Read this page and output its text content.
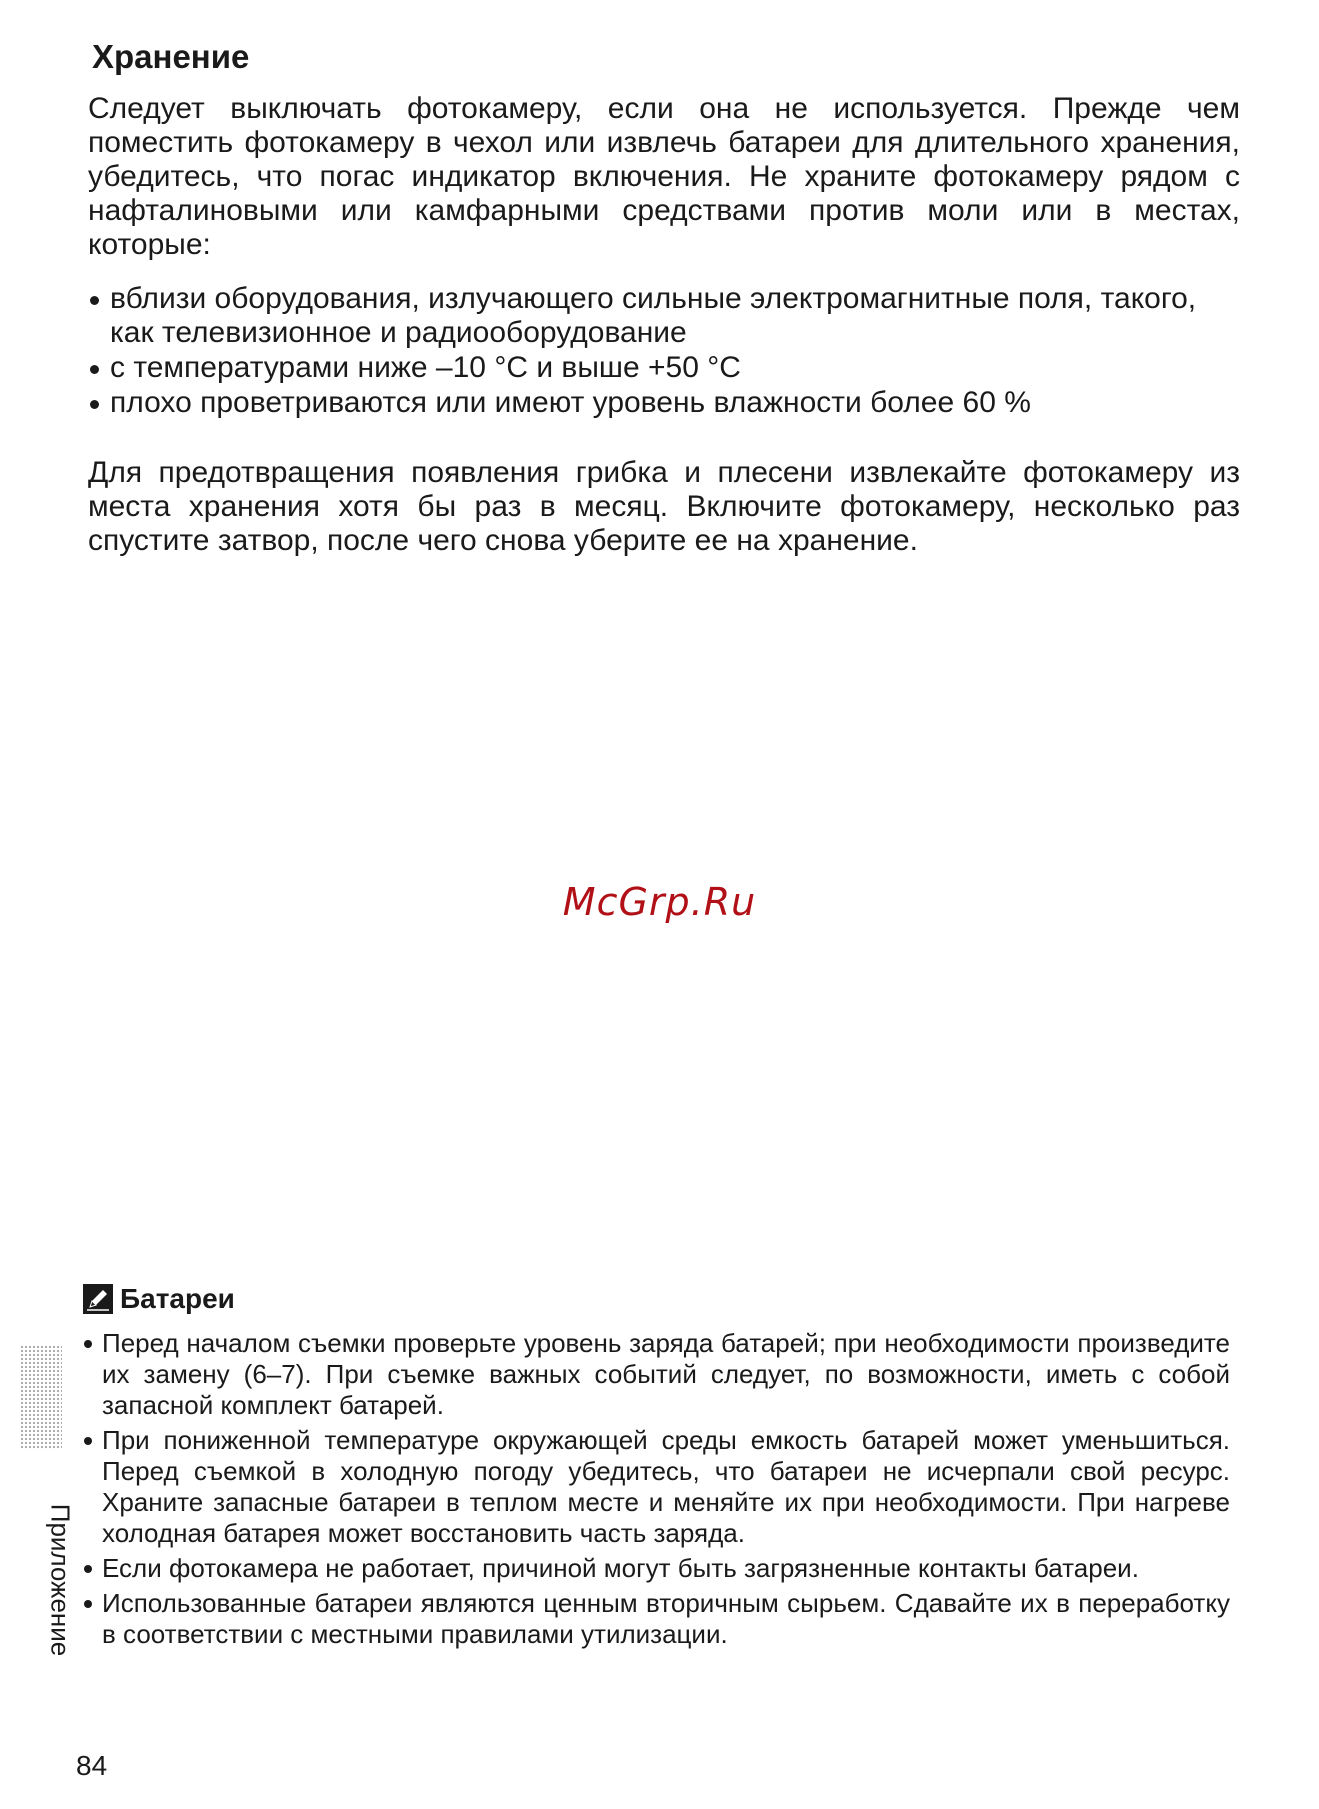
Хранение
Следует выключать фотокамеру, если она не используется. Прежде чем поместить фотокамеру в чехол или извлечь батареи для длительного хранения, убедитесь, что погас индикатор включения. Не храните фотокамеру рядом с нафталиновыми или камфарными средствами против моли или в местах, которые:
вблизи оборудования, излучающего сильные электромагнитные поля, такого, как телевизионное и радиооборудование
с температурами ниже –10 °C и выше +50 °C
плохо проветриваются или имеют уровень влажности более 60 %
Для предотвращения появления грибка и плесени извлекайте фотокамеру из места хранения хотя бы раз в месяц. Включите фотокамеру, несколько раз спустите затвор, после чего снова уберите ее на хранение.
McGrp.Ru
Батареи
Перед началом съемки проверьте уровень заряда батарей; при необходимости произведите их замену (6–7). При съемке важных событий следует, по возможности, иметь с собой запасной комплект батарей.
При пониженной температуре окружающей среды емкость батарей может уменьшиться. Перед съемкой в холодную погоду убедитесь, что батареи не исчерпали свой ресурс. Храните запасные батареи в теплом месте и меняйте их при необходимости. При нагреве холодная батарея может восстановить часть заряда.
Если фотокамера не работает, причиной могут быть загрязненные контакты батареи.
Использованные батареи являются ценным вторичным сырьем. Сдавайте их в переработку в соответствии с местными правилами утилизации.
Приложение
84
